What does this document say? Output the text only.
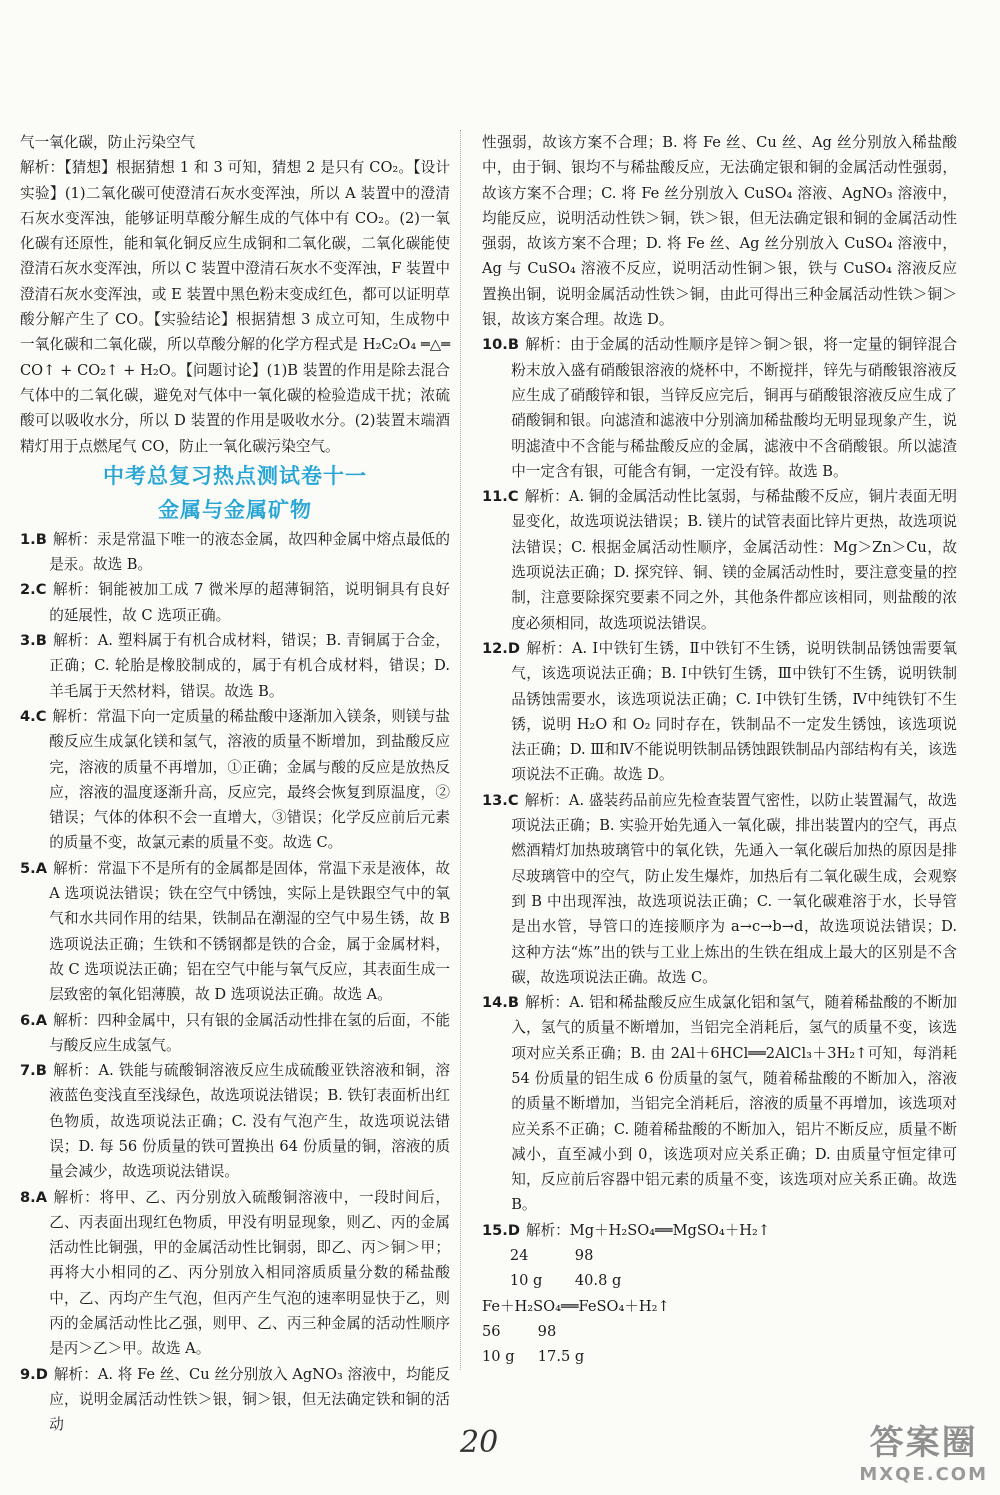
气一氧化碳，防止污染空气

解析：【猜想】根据猜想 1 和 3 可知，猜想 2 是只有 CO₂。【设计实验】(1)二氧化碳可使澄清石灰水变浑浊，所以 A 装置中的澄清石灰水变浑浊，能够证明草酸分解生成的气体中有 CO₂。(2)一氧化碳有还原性，能和氧化铜反应生成铜和二氧化碳，二氧化碳能使澄清石灰水变浑浊，所以 C 装置中澄清石灰水不变浑浊，F 装置中澄清石灰水变浑浊，或 E 装置中黑色粉末变成红色，都可以证明草酸分解产生了 CO。【实验结论】根据猜想 3 成立可知，生成物中一氧化碳和二氧化碳，所以草酸分解的化学方程式是 H₂C₂O₄ ═△═ CO↑ + CO₂↑ + H₂O。【问题讨论】(1)B 装置的作用是除去混合气体中的二氧化碳，避免对气体中一氧化碳的检验造成干扰；浓硫酸可以吸收水分，所以 D 装置的作用是吸收水分。(2)装置末端酒精灯用于点燃尾气 CO，防止一氧化碳污染空气。

中考总复习热点测试卷十一

金属与金属矿物

1.B 解析：汞是常温下唯一的液态金属，故四种金属中熔点最低的是汞。故选 B。

2.C 解析：铜能被加工成 7 微米厚的超薄铜箔，说明铜具有良好的延展性，故 C 选项正确。

3.B 解析：A. 塑料属于有机合成材料，错误；B. 青铜属于合金，正确；C. 轮胎是橡胶制成的，属于有机合成材料，错误；D. 羊毛属于天然材料，错误。故选 B。

4.C 解析：常温下向一定质量的稀盐酸中逐渐加入镁条，则镁与盐酸反应生成氯化镁和氢气，溶液的质量不断增加，到盐酸反应完，溶液的质量不再增加，①正确；金属与酸的反应是放热反应，溶液的温度逐渐升高，反应完，最终会恢复到原温度，②错误；气体的体积不会一直增大，③错误；化学反应前后元素的质量不变，故氯元素的质量不变。故选 C。

5.A 解析：常温下不是所有的金属都是固体，常温下汞是液体，故 A 选项说法错误；铁在空气中锈蚀，实际上是铁跟空气中的氧气和水共同作用的结果，铁制品在潮湿的空气中易生锈，故 B 选项说法正确；生铁和不锈钢都是铁的合金，属于金属材料，故 C 选项说法正确；铝在空气中能与氧气反应，其表面生成一层致密的氧化铝薄膜，故 D 选项说法正确。故选 A。

6.A 解析：四种金属中，只有银的金属活动性排在氢的后面，不能与酸反应生成氢气。

7.B 解析：A. 铁能与硫酸铜溶液反应生成硫酸亚铁溶液和铜，溶液蓝色变浅直至浅绿色，故选项说法错误；B. 铁钉表面析出红色物质，故选项说法正确；C. 没有气泡产生，故选项说法错误；D. 每 56 份质量的铁可置换出 64 份质量的铜，溶液的质量会减少，故选项说法错误。

8.A 解析：将甲、乙、丙分别放入硫酸铜溶液中，一段时间后，乙、丙表面出现红色物质，甲没有明显现象，则乙、丙的金属活动性比铜强，甲的金属活动性比铜弱，即乙、丙＞铜＞甲；再将大小相同的乙、丙分别放入相同溶质质量分数的稀盐酸中，乙、丙均产生气泡，但丙产生气泡的速率明显快于乙，则丙的金属活动性比乙强，则甲、乙、丙三种金属的活动性顺序是丙＞乙＞甲。故选 A。

9.D 解析：A. 将 Fe 丝、Cu 丝分别放入 AgNO₃ 溶液中，均能反应，说明金属活动性铁＞银，铜＞银，但无法确定铁和铜的活动

性强弱，故该方案不合理；B. 将 Fe 丝、Cu 丝、Ag 丝分别放入稀盐酸中，由于铜、银均不与稀盐酸反应，无法确定银和铜的金属活动性强弱，故该方案不合理；C. 将 Fe 丝分别放入 CuSO₄ 溶液、AgNO₃ 溶液中，均能反应，说明活动性铁＞铜，铁＞银，但无法确定银和铜的金属活动性强弱，故该方案不合理；D. 将 Fe 丝、Ag 丝分别放入 CuSO₄ 溶液中，Ag 与 CuSO₄ 溶液不反应，说明活动性铜＞银，铁与 CuSO₄ 溶液反应置换出铜，说明金属活动性铁＞铜，由此可得出三种金属活动性铁＞铜＞银，故该方案合理。故选 D。

10.B 解析：由于金属的活动性顺序是锌＞铜＞银，将一定量的铜锌混合粉末放入盛有硝酸银溶液的烧杯中，不断搅拌，锌先与硝酸银溶液反应生成了硝酸锌和银，当锌反应完后，铜再与硝酸银溶液反应生成了硝酸铜和银。向滤渣和滤液中分别滴加稀盐酸均无明显现象产生，说明滤渣中不含能与稀盐酸反应的金属，滤液中不含硝酸银。所以滤渣中一定含有银，可能含有铜，一定没有锌。故选 B。

11.C 解析：A. 铜的金属活动性比氢弱，与稀盐酸不反应，铜片表面无明显变化，故选项说法错误；B. 镁片的试管表面比锌片更热，故选项说法错误；C. 根据金属活动性顺序，金属活动性：Mg＞Zn＞Cu，故选项说法正确；D. 探究锌、铜、镁的金属活动性时，要注意变量的控制，注意要除探究要素不同之外，其他条件都应该相同，则盐酸的浓度必须相同，故选项说法错误。

12.D 解析：A. Ⅰ中铁钉生锈，Ⅱ中铁钉不生锈，说明铁制品锈蚀需要氧气，该选项说法正确；B. Ⅰ中铁钉生锈，Ⅲ中铁钉不生锈，说明铁制品锈蚀需要水，该选项说法正确；C. Ⅰ中铁钉生锈，Ⅳ中纯铁钉不生锈，说明 H₂O 和 O₂ 同时存在，铁制品不一定发生锈蚀，该选项说法正确；D. Ⅲ和Ⅳ不能说明铁制品锈蚀跟铁制品内部结构有关，该选项说法不正确。故选 D。

13.C 解析：A. 盛装药品前应先检查装置气密性，以防止装置漏气，故选项说法正确；B. 实验开始先通入一氧化碳，排出装置内的空气，再点燃酒精灯加热玻璃管中的氧化铁，先通入一氧化碳后加热的原因是排尽玻璃管中的空气，防止发生爆炸，加热后有二氧化碳生成，会观察到 B 中出现浑浊，故选项说法正确；C. 一氧化碳难溶于水，长导管是出水管，导管口的连接顺序为 a→c→b→d，故选项说法错误；D. 这种方法“炼”出的铁与工业上炼出的生铁在组成上最大的区别是不含碳，故选项说法正确。故选 C。

14.B 解析：A. 铝和稀盐酸反应生成氯化铝和氢气，随着稀盐酸的不断加入，氢气的质量不断增加，当铝完全消耗后，氢气的质量不变，该选项对应关系正确；B. 由 2Al＋6HCl══2AlCl₃＋3H₂↑可知，每消耗 54 份质量的铝生成 6 份质量的氢气，随着稀盐酸的不断加入，溶液的质量不断增加，当铝完全消耗后，溶液的质量不再增加，该选项对应关系不正确；C. 随着稀盐酸的不断加入，铝片不断反应，质量不断减小，直至减小到 0，该选项对应关系正确；D. 由质量守恒定律可知，反应前后容器中铝元素的质量不变，该选项对应关系正确。故选 B。

15.D 解析：Mg＋H₂SO₄══MgSO₄＋H₂↑

24          98

10 g       40.8 g

Fe＋H₂SO₄══FeSO₄＋H₂↑

56        98

10 g     17.5 g

20	答案圈
MXQE.COM
